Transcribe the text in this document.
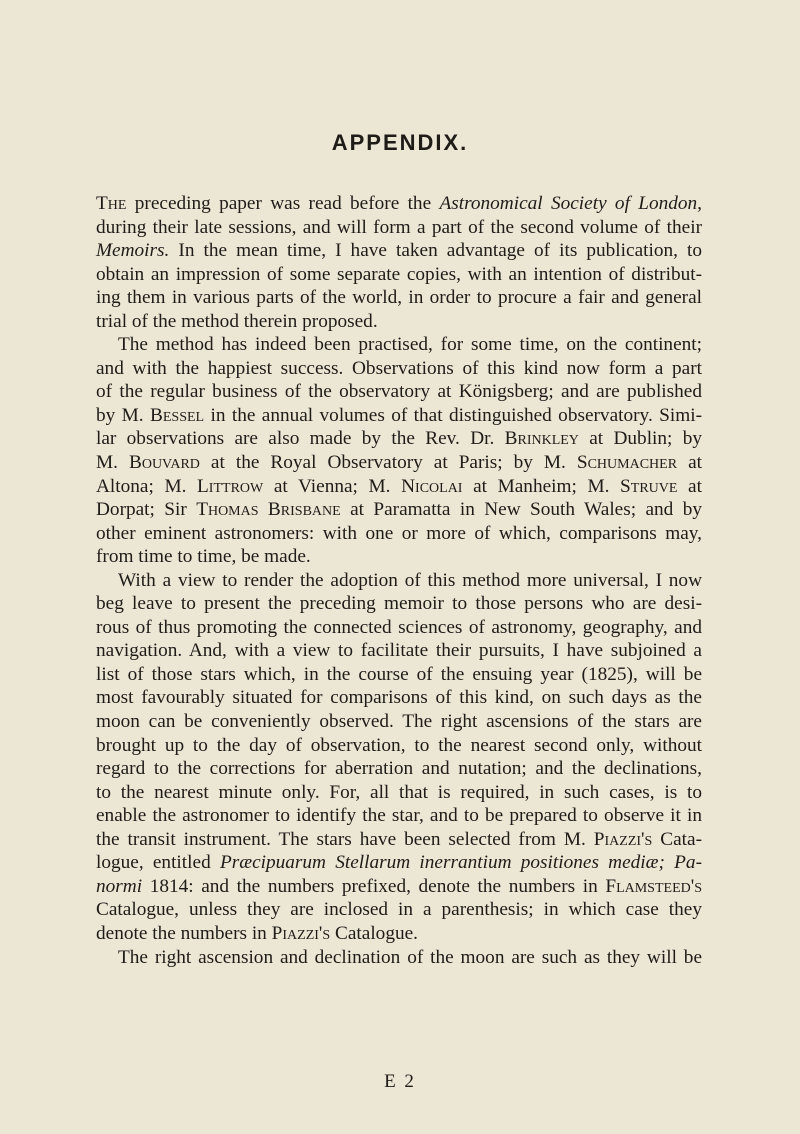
APPENDIX.
The preceding paper was read before the Astronomical Society of London,
during their late sessions, and will form a part of the second volume of their
Memoirs. In the mean time, I have taken advantage of its publication, to
obtain an impression of some separate copies, with an intention of distribut-
ing them in various parts of the world, in order to procure a fair and general
trial of the method therein proposed.
The method has indeed been practised, for some time, on the continent;
and with the happiest success. Observations of this kind now form a part
of the regular business of the observatory at Königsberg; and are published
by M. Bessel in the annual volumes of that distinguished observatory. Simi-
lar observations are also made by the Rev. Dr. Brinkley at Dublin; by
M. Bouvard at the Royal Observatory at Paris; by M. Schumacher at
Altona; M. Littrow at Vienna; M. Nicolai at Manheim; M. Struve at
Dorpat; Sir Thomas Brisbane at Paramatta in New South Wales; and by
other eminent astronomers: with one or more of which, comparisons may,
from time to time, be made.
With a view to render the adoption of this method more universal, I now
beg leave to present the preceding memoir to those persons who are desi-
rous of thus promoting the connected sciences of astronomy, geography, and
navigation. And, with a view to facilitate their pursuits, I have subjoined a
list of those stars which, in the course of the ensuing year (1825), will be
most favourably situated for comparisons of this kind, on such days as the
moon can be conveniently observed. The right ascensions of the stars are
brought up to the day of observation, to the nearest second only, without
regard to the corrections for aberration and nutation; and the declinations,
to the nearest minute only. For, all that is required, in such cases, is to
enable the astronomer to identify the star, and to be prepared to observe it in
the transit instrument. The stars have been selected from M. Piazzi's Cata-
logue, entitled Præcipuarum Stellarum inerrantium positiones mediæ; Pa-
normi 1814: and the numbers prefixed, denote the numbers in Flamsteed's
Catalogue, unless they are inclosed in a parenthesis; in which case they
denote the numbers in Piazzi's Catalogue.
The right ascension and declination of the moon are such as they will be
E 2
